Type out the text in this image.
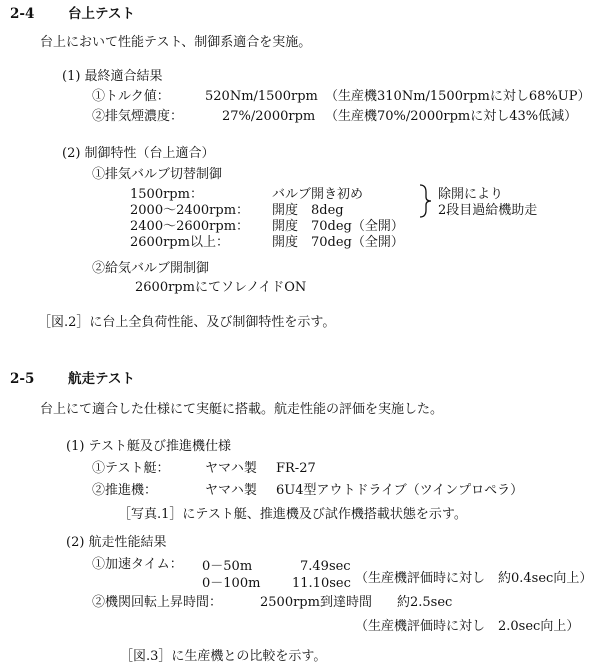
2-4 台上テスト
台上において性能テスト、制御系適合を実施。
(1) 最終適合結果
①トルク値：	520Nm/1500rpm （生産機310Nm/1500rpmに対し68%UP）
②排気煙濃度：	27%/2000rpm （生産機70%/2000rpmに対し43%低減）
(2) 制御特性（台上適合）
①排気バルブ切替制御
1500rpm：	バルブ開き初め
2000〜2400rpm： 開度　8deg
2400〜2600rpm： 開度　70deg（全開）
2600rpm以上：	開度　70deg（全開）
除開により
2段目過給機助走
②給気バルブ開制御
2600rpmにてソレノイドON
［図.2］に台上全負荷性能、及び制御特性を示す。
2-5 航走テスト
台上にて適合した仕様にて実艇に搭載。航走性能の評価を実施した。
(1) テスト艇及び推進機仕様
①テスト艇：	ヤマハ製 FR-27
②推進機：	ヤマハ製 6U4型アウトドライブ（ツインプロペラ）
［写真.1］にテスト艇、推進機及び試作機搭載状態を示す。
(2) 航走性能結果
①加速タイム： 0－50m	7.49sec
0－100m 11.10sec （生産機評価時に対し　約0.4sec向上）
②機関回転上昇時間：	2500rpm到達時間 約2.5sec
（生産機評価時に対し　2.0sec向上）
［図.3］に生産機との比較を示す。
